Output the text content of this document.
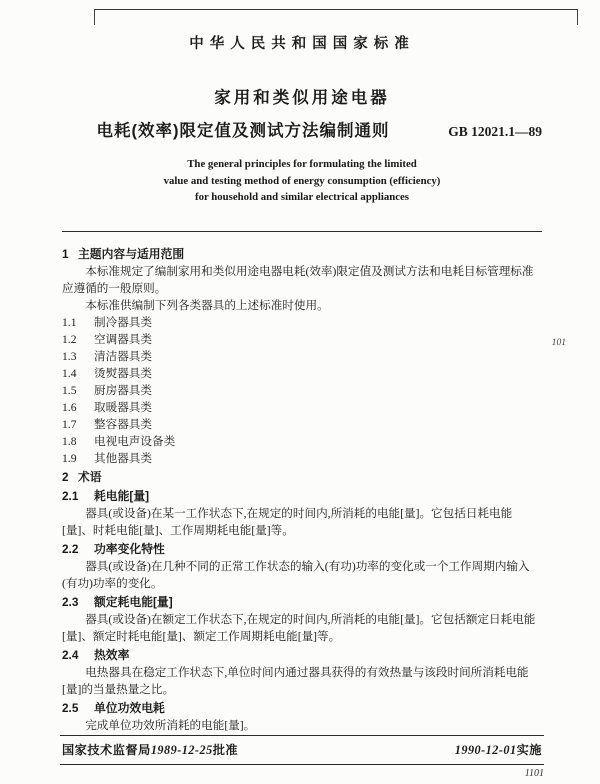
中华人民共和国国家标准
家用和类似用途电器
电耗(效率)限定值及测试方法编制通则	GB 12021.1—89
The general principles for formulating the limited
value and testing method of energy consumption (efficiency)
for household and similar electrical appliances
1 主题内容与适用范围

本标准规定了编制家用和类似用途电器电耗(效率)限定值及测试方法和电耗目标管理标准应遵循的一般原则。

本标准供编制下列各类器具的上述标准时使用。

1.1 制冷器具类
1.2 空调器具类
1.3 清洁器具类
1.4 烫熨器具类
1.5 厨房器具类
1.6 取暖器具类
1.7 整容器具类
1.8 电视电声设备类
1.9 其他器具类
2 术语
2.1 耗电能[量]

器具(或设备)在某一工作状态下,在规定的时间内,所消耗的电能[量]。它包括日耗电能[量]、时耗电能[量]、工作周期耗电能[量]等。

2.2 功率变化特性

器具(或设备)在几种不同的正常工作状态的输入(有功)功率的变化或一个工作周期内输入(有功)功率的变化。

2.3 额定耗电能[量]

器具(或设备)在额定工作状态下,在规定的时间内,所消耗的电能[量]。它包括额定日耗电能[量]、额定时耗电能[量]、额定工作周期耗电能[量]等。

2.4 热效率

电热器具在稳定工作状态下,单位时间内通过器具获得的有效热量与该段时间所消耗电能[量]的当量热量之比。

2.5 单位功效电耗

完成单位功效所消耗的电能[量]。

101
国家技术监督局1989-12-25批准	1990-12-01实施
1101
